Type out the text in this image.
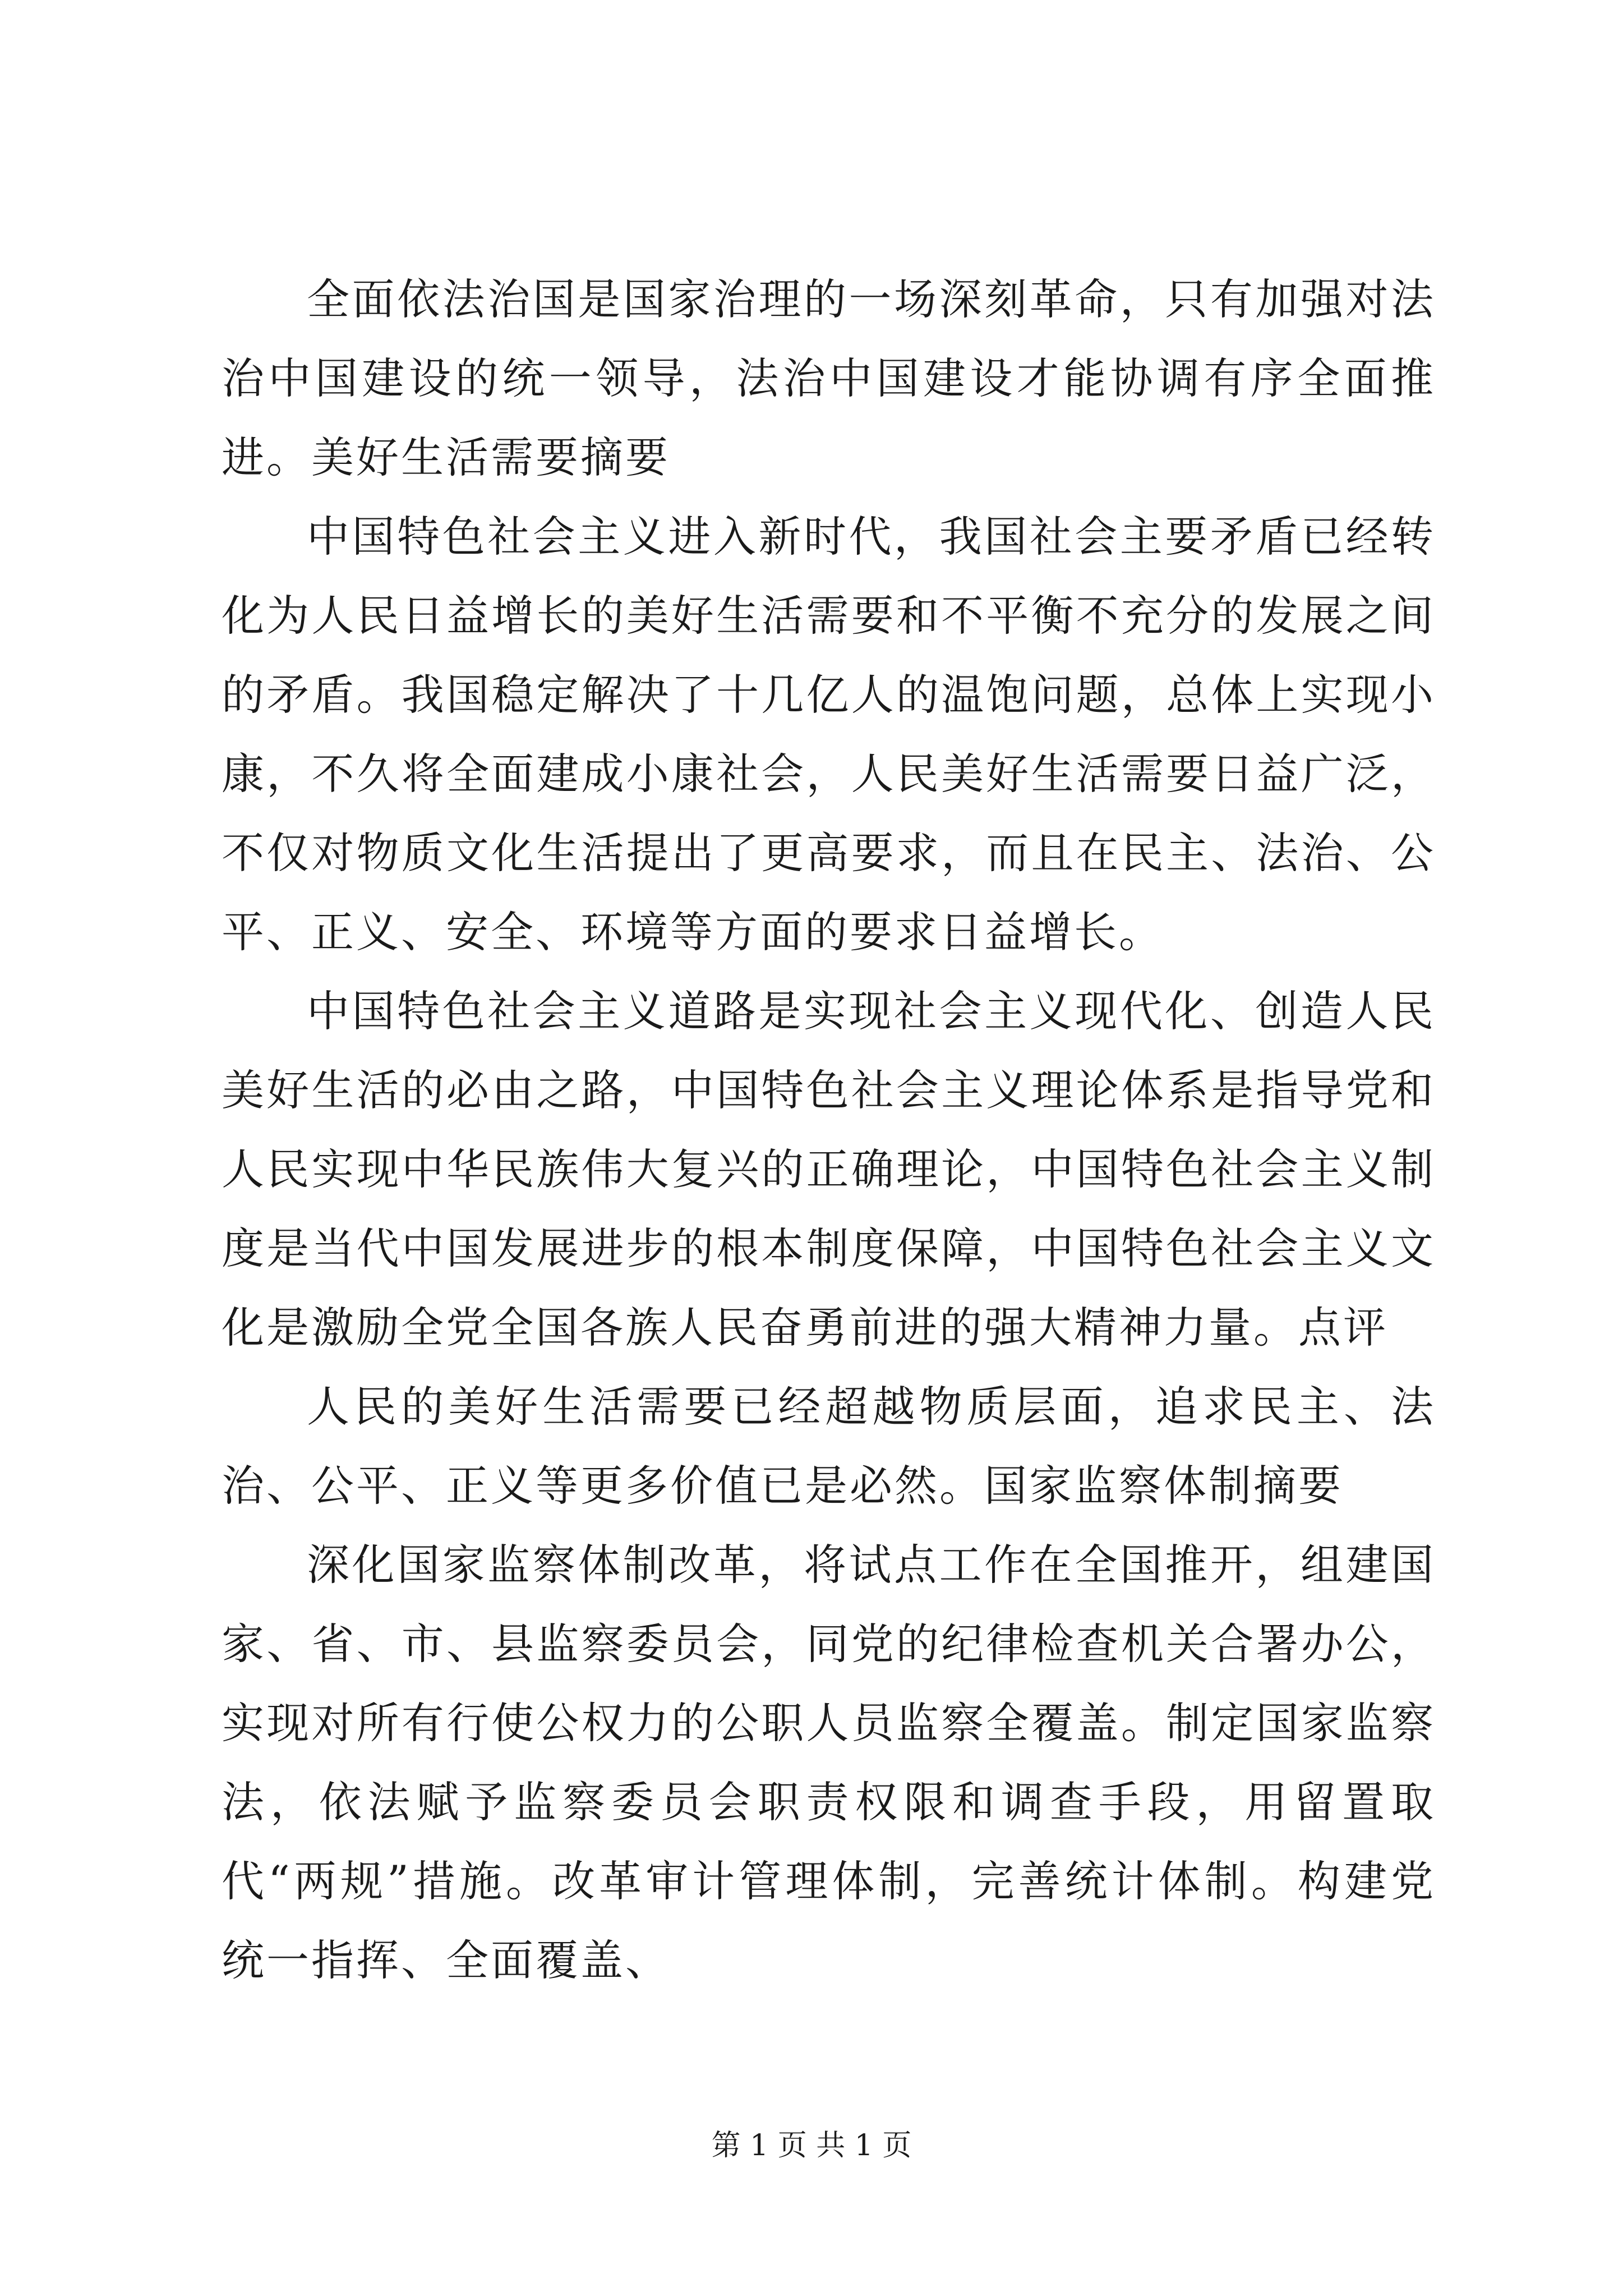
全面依法治国是国家治理的一场深刻革命，只有加强对法治中国建设的统一领导，法治中国建设才能协调有序全面推进。美好生活需要摘要

中国特色社会主义进入新时代，我国社会主要矛盾已经转化为人民日益增长的美好生活需要和不平衡不充分的发展之间的矛盾。我国稳定解决了十几亿人的温饱问题，总体上实现小康，不久将全面建成小康社会，人民美好生活需要日益广泛，不仅对物质文化生活提出了更高要求，而且在民主、法治、公平、正义、安全、环境等方面的要求日益增长。

中国特色社会主义道路是实现社会主义现代化、创造人民美好生活的必由之路，中国特色社会主义理论体系是指导党和人民实现中华民族伟大复兴的正确理论，中国特色社会主义制度是当代中国发展进步的根本制度保障，中国特色社会主义文化是激励全党全国各族人民奋勇前进的强大精神力量。点评

人民的美好生活需要已经超越物质层面，追求民主、法治、公平、正义等更多价值已是必然。国家监察体制摘要

深化国家监察体制改革，将试点工作在全国推开，组建国家、省、市、县监察委员会，同党的纪律检查机关合署办公，实现对所有行使公权力的公职人员监察全覆盖。制定国家监察法，依法赋予监察委员会职责权限和调查手段，用留置取代“两规”措施。改革审计管理体制，完善统计体制。构建党统一指挥、全面覆盖、

第 1 页 共 1 页
